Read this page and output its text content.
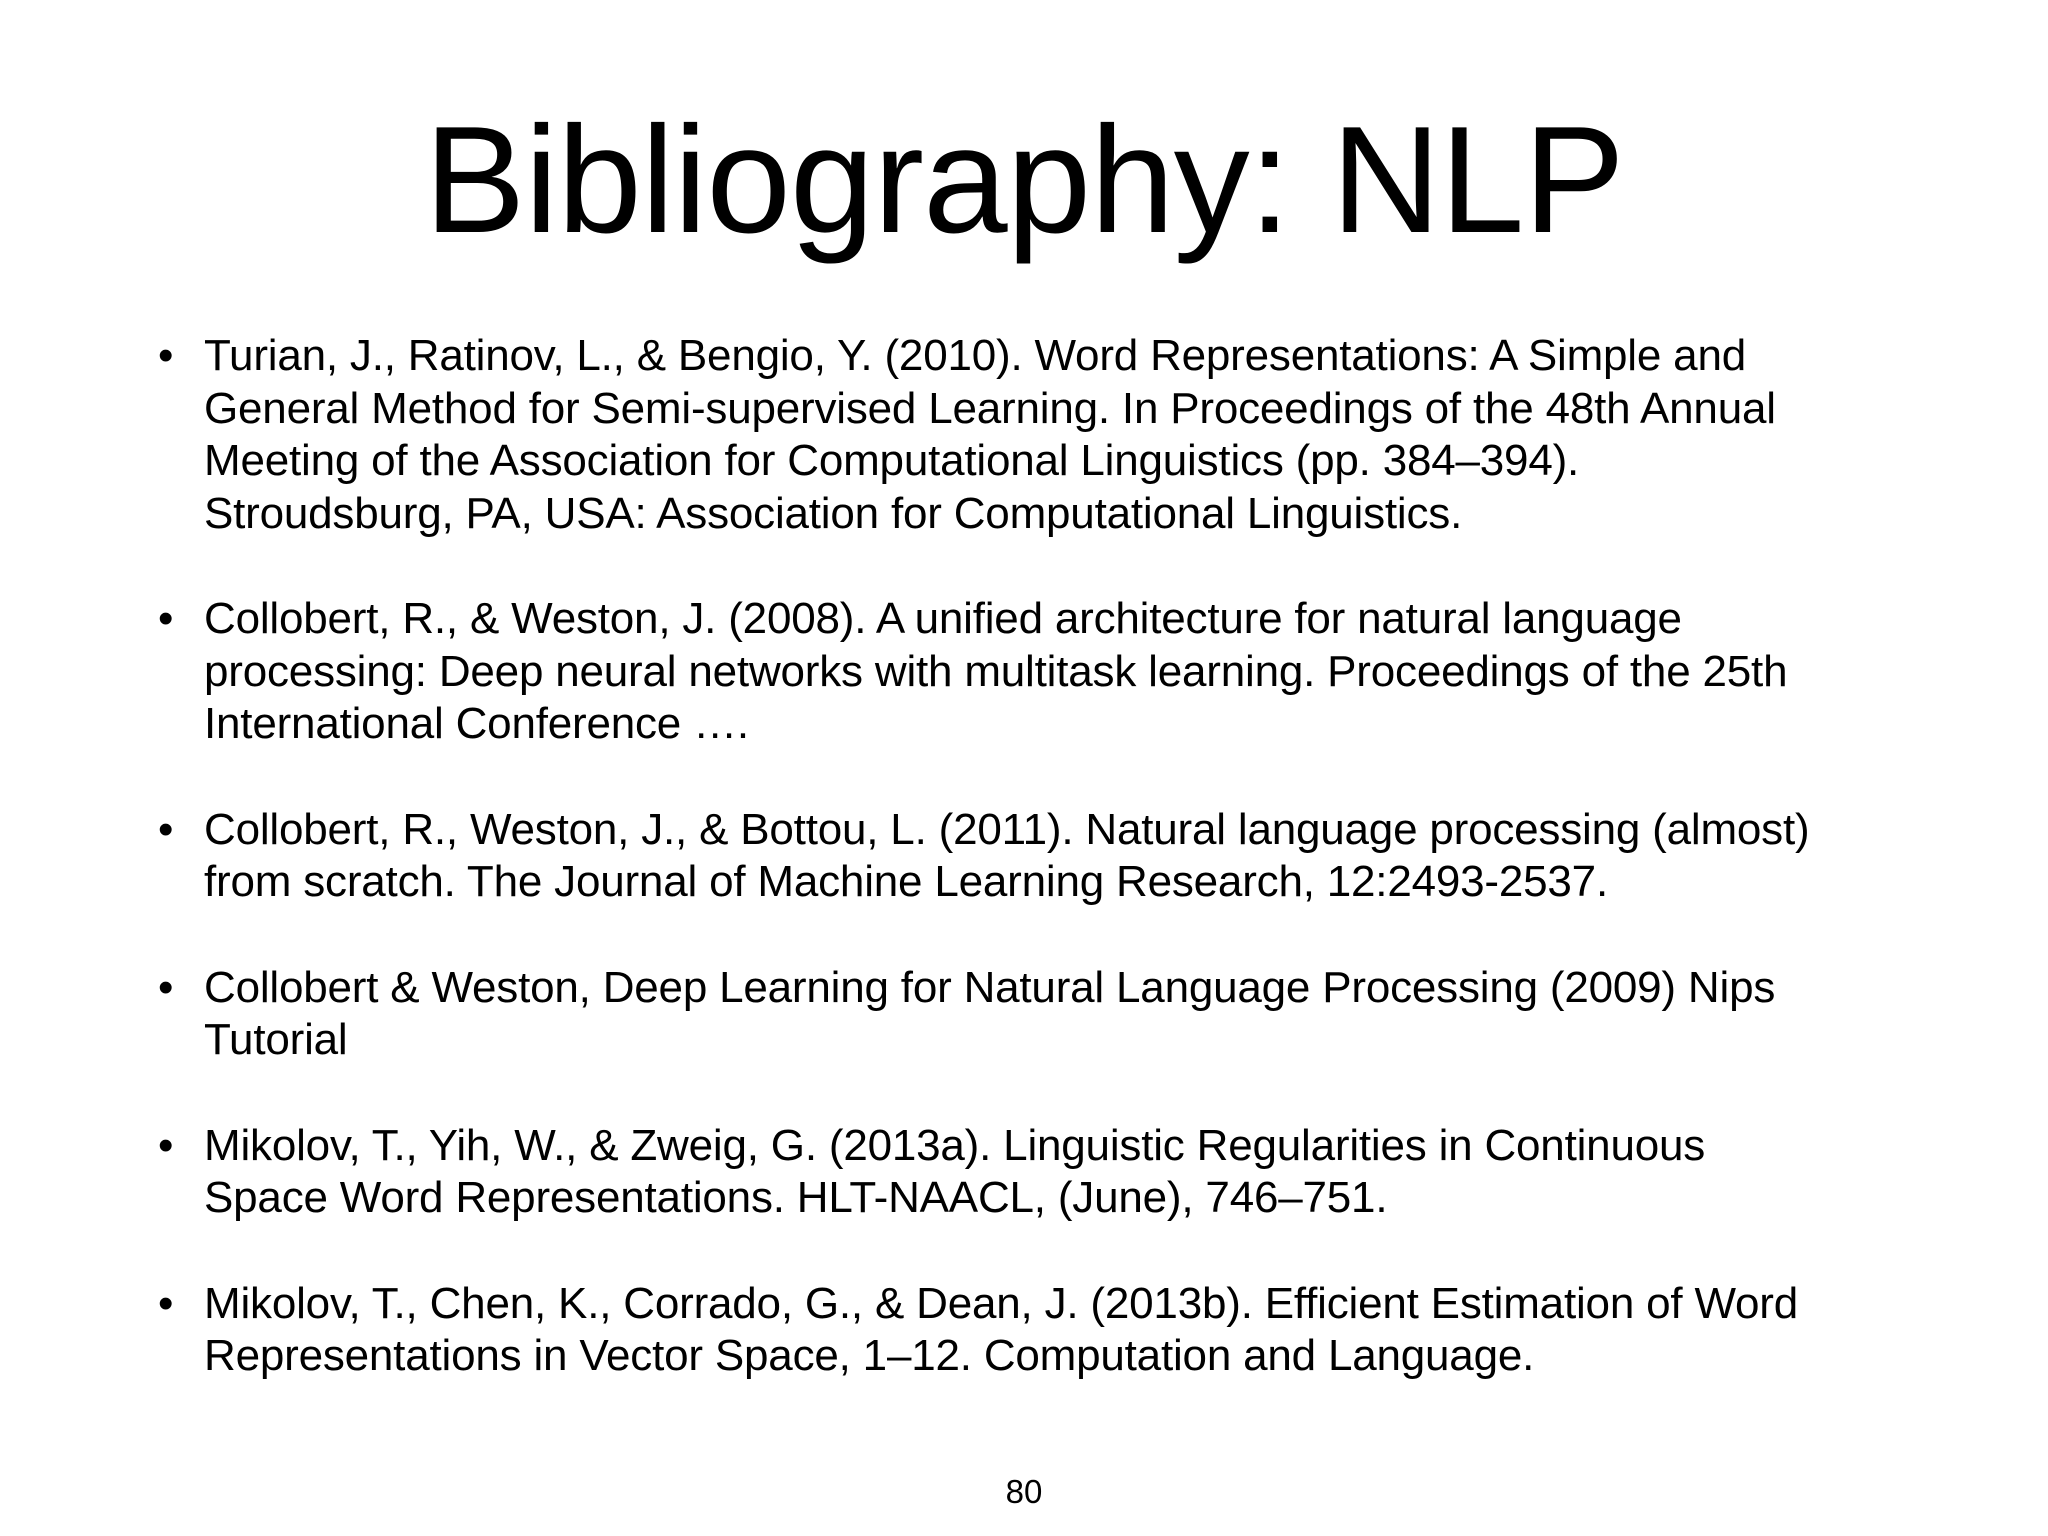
Bibliography: NLP
• Turian, J., Ratinov, L., & Bengio, Y. (2010). Word Representations: A Simple and
General Method for Semi-supervised Learning. In Proceedings of the 48th Annual
Meeting of the Association for Computational Linguistics (pp. 384–394).
Stroudsburg, PA, USA: Association for Computational Linguistics.
• Collobert, R., & Weston, J. (2008). A unified architecture for natural language
processing: Deep neural networks with multitask learning. Proceedings of the 25th
International Conference ….
• Collobert, R., Weston, J., & Bottou, L. (2011). Natural language processing (almost)
from scratch. The Journal of Machine Learning Research, 12:2493-2537.
• Collobert & Weston, Deep Learning for Natural Language Processing (2009) Nips
Tutorial
• Mikolov, T., Yih, W., & Zweig, G. (2013a). Linguistic Regularities in Continuous
Space Word Representations. HLT-NAACL, (June), 746–751.
• Mikolov, T., Chen, K., Corrado, G., & Dean, J. (2013b). Efficient Estimation of Word
Representations in Vector Space, 1–12. Computation and Language.
80
